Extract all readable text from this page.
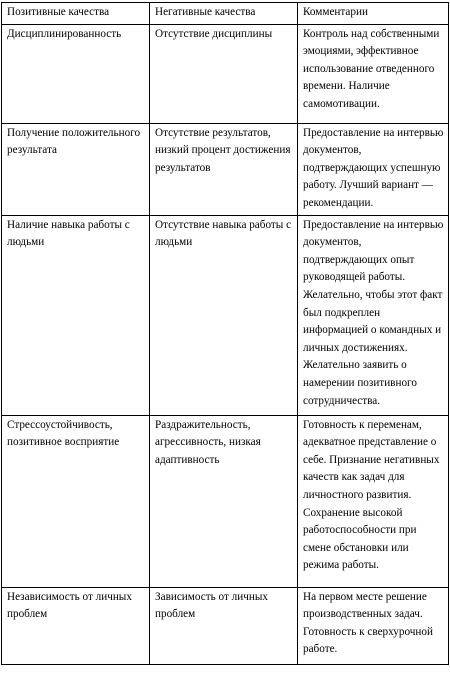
Позитивные качества	Негативные качества	Комментарии
Дисциплинированность	Отсутствие дисциплины	Контроль над собственными эмоциями, эффективное использование отведенного времени. Наличие самомотивации.
Получение положительного результата	Отсутствие результатов, низкий процент достижения результатов	Предоставление на интервью документов, подтверждающих успешную работу. Лучший вариант — рекомендации.
Наличие навыка работы с людьми	Отсутствие навыка работы с людьми	Предоставление на интервью документов, подтверждающих опыт руководящей работы. Желательно, чтобы этот факт был подкреплен информацией о командных и личных достижениях. Желательно заявить о намерении позитивного сотрудничества.
Стрессоустойчивость, позитивное восприятие	Раздражительность, агрессивность, низкая адаптивность	Готовность к переменам, адекватное представление о себе. Признание негативных качеств как задач для личностного развития. Сохранение высокой работоспособности при смене обстановки или режима работы.
Независимость от личных проблем	Зависимость от личных проблем	На первом месте решение производственных задач. Готовность к сверхурочной работе.
